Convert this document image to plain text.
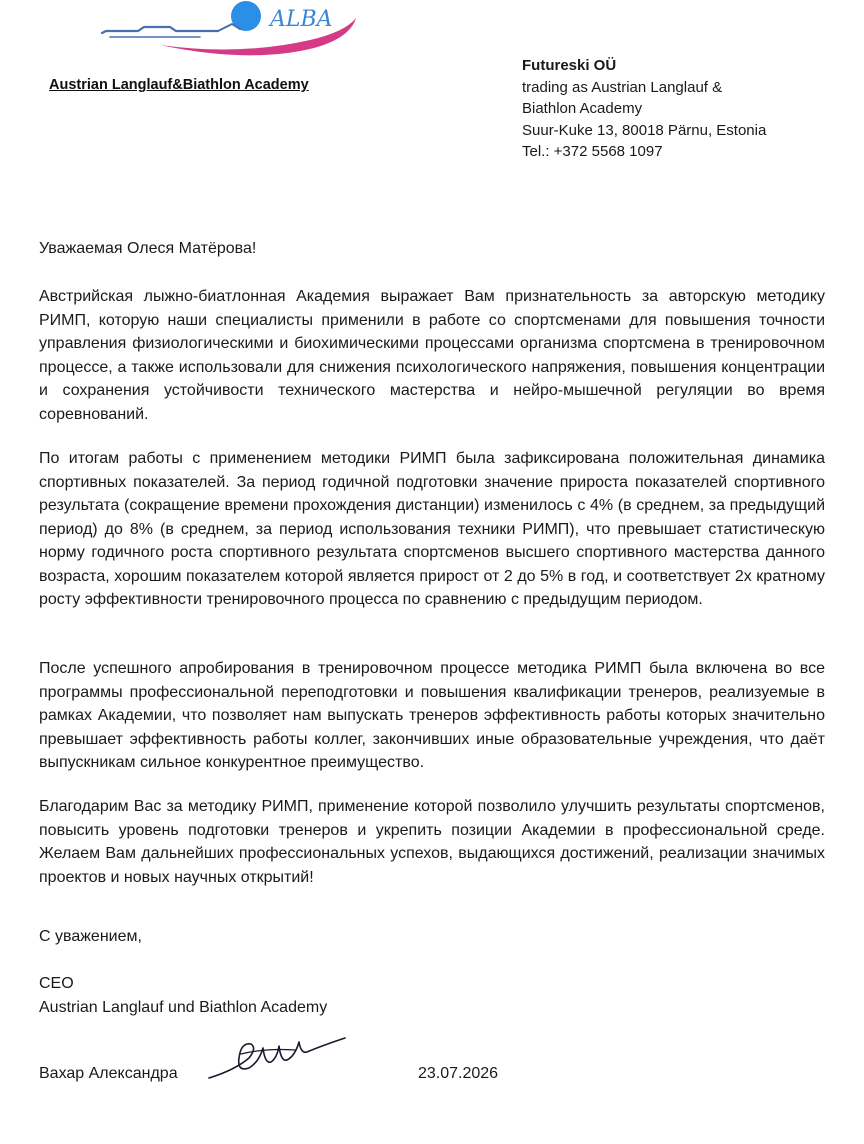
ALBA
Austrian Langlauf&Biathlon Academy
Futureski OÜ
trading as Austrian Langlauf &
Biathlon Academy
Suur-Kuke 13, 80018 Pärnu, Estonia
Tel.: +372 5568 1097
Уважаемая Олеся Матёрова!

Австрийская лыжно-биатлонная Академия выражает Вам признательность за авторскую методику РИМП, которую наши специалисты применили в работе со спортсменами для повышения точности управления физиологическими и биохимическими процессами организма спортсмена в тренировочном процессе, а также использовали для снижения психологического напряжения, повышения концентрации и сохранения устойчивости технического мастерства и нейро-мышечной регуляции во время соревнований.

По итогам работы с применением методики РИМП была зафиксирована положительная динамика спортивных показателей. За период годичной подготовки значение прироста показателей спортивного результата (сокращение времени прохождения дистанции) изменилось с 4% (в среднем, за предыдущий период) до 8% (в среднем, за период использования техники РИМП), что превышает статистическую норму годичного роста спортивного результата спортсменов высшего спортивного мастерства данного возраста, хорошим показателем которой является прирост от 2 до 5% в год, и соответствует 2х кратному росту эффективности тренировочного процесса по сравнению с предыдущим периодом.

После успешного апробирования в тренировочном процессе методика РИМП была включена во все программы профессиональной переподготовки и повышения квалификации тренеров, реализуемые в рамках Академии, что позволяет нам выпускать тренеров эффективность работы которых значительно превышает эффективность работы коллег, закончивших иные образовательные учреждения, что даёт выпускникам сильное конкурентное преимущество.

Благодарим Вас за методику РИМП, применение которой позволило улучшить результаты спортсменов, повысить уровень подготовки тренеров и укрепить позиции Академии в профессиональной среде. Желаем Вам дальнейших профессиональных успехов, выдающихся достижений, реализации значимых проектов и новых научных открытий!

С уважением,
CEO
Austrian Langlauf und Biathlon Academy
Вахар Александра	23.07.2026
